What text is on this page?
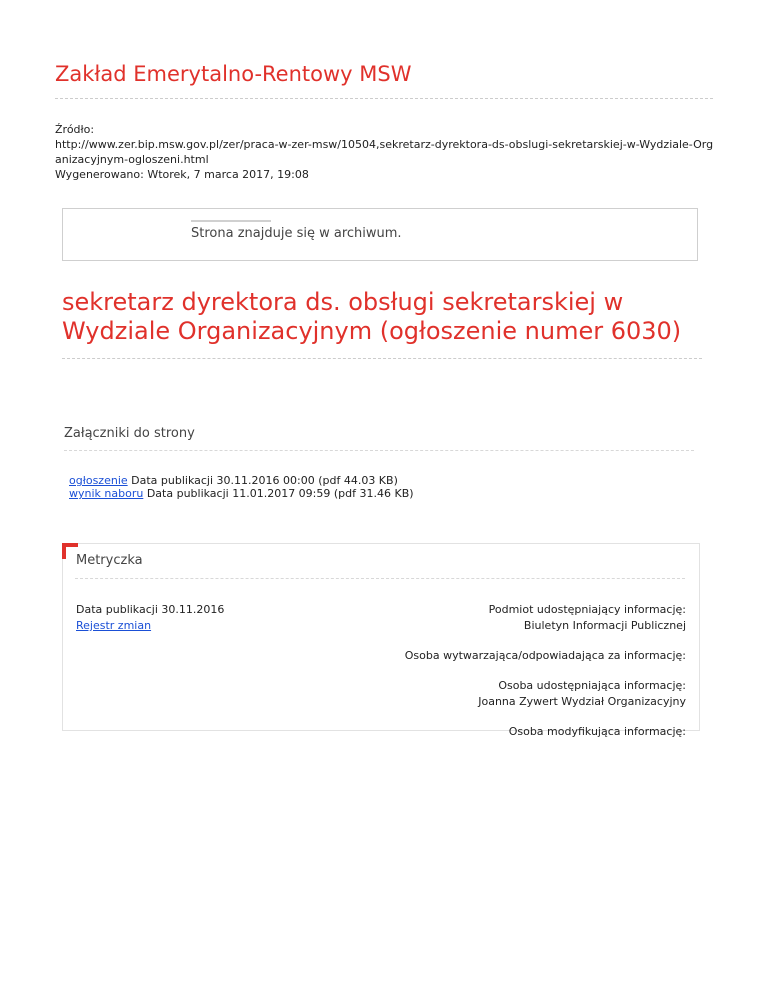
Zakład Emerytalno-Rentowy MSW
Źródło:
http://www.zer.bip.msw.gov.pl/zer/praca-w-zer-msw/10504,sekretarz-dyrektora-ds-obslugi-sekretarskiej-w-Wydziale-Organizacyjnym-ogloszeni.html
Wygenerowano: Wtorek, 7 marca 2017, 19:08
Strona znajduje się w archiwum.
sekretarz dyrektora ds. obsługi sekretarskiej w Wydziale Organizacyjnym (ogłoszenie numer 6030)
Załączniki do strony
ogłoszenie Data publikacji 30.11.2016 00:00 (pdf 44.03 KB)
wynik naboru Data publikacji 11.01.2017 09:59 (pdf 31.46 KB)
Metryczka
Data publikacji 30.11.2016
Rejestr zmian
Podmiot udostępniający informację:
Biuletyn Informacji Publicznej
Osoba wytwarzająca/odpowiadająca za informację:
Osoba udostępniająca informację:
Joanna Zywert Wydział Organizacyjny
Osoba modyfikująca informację:
